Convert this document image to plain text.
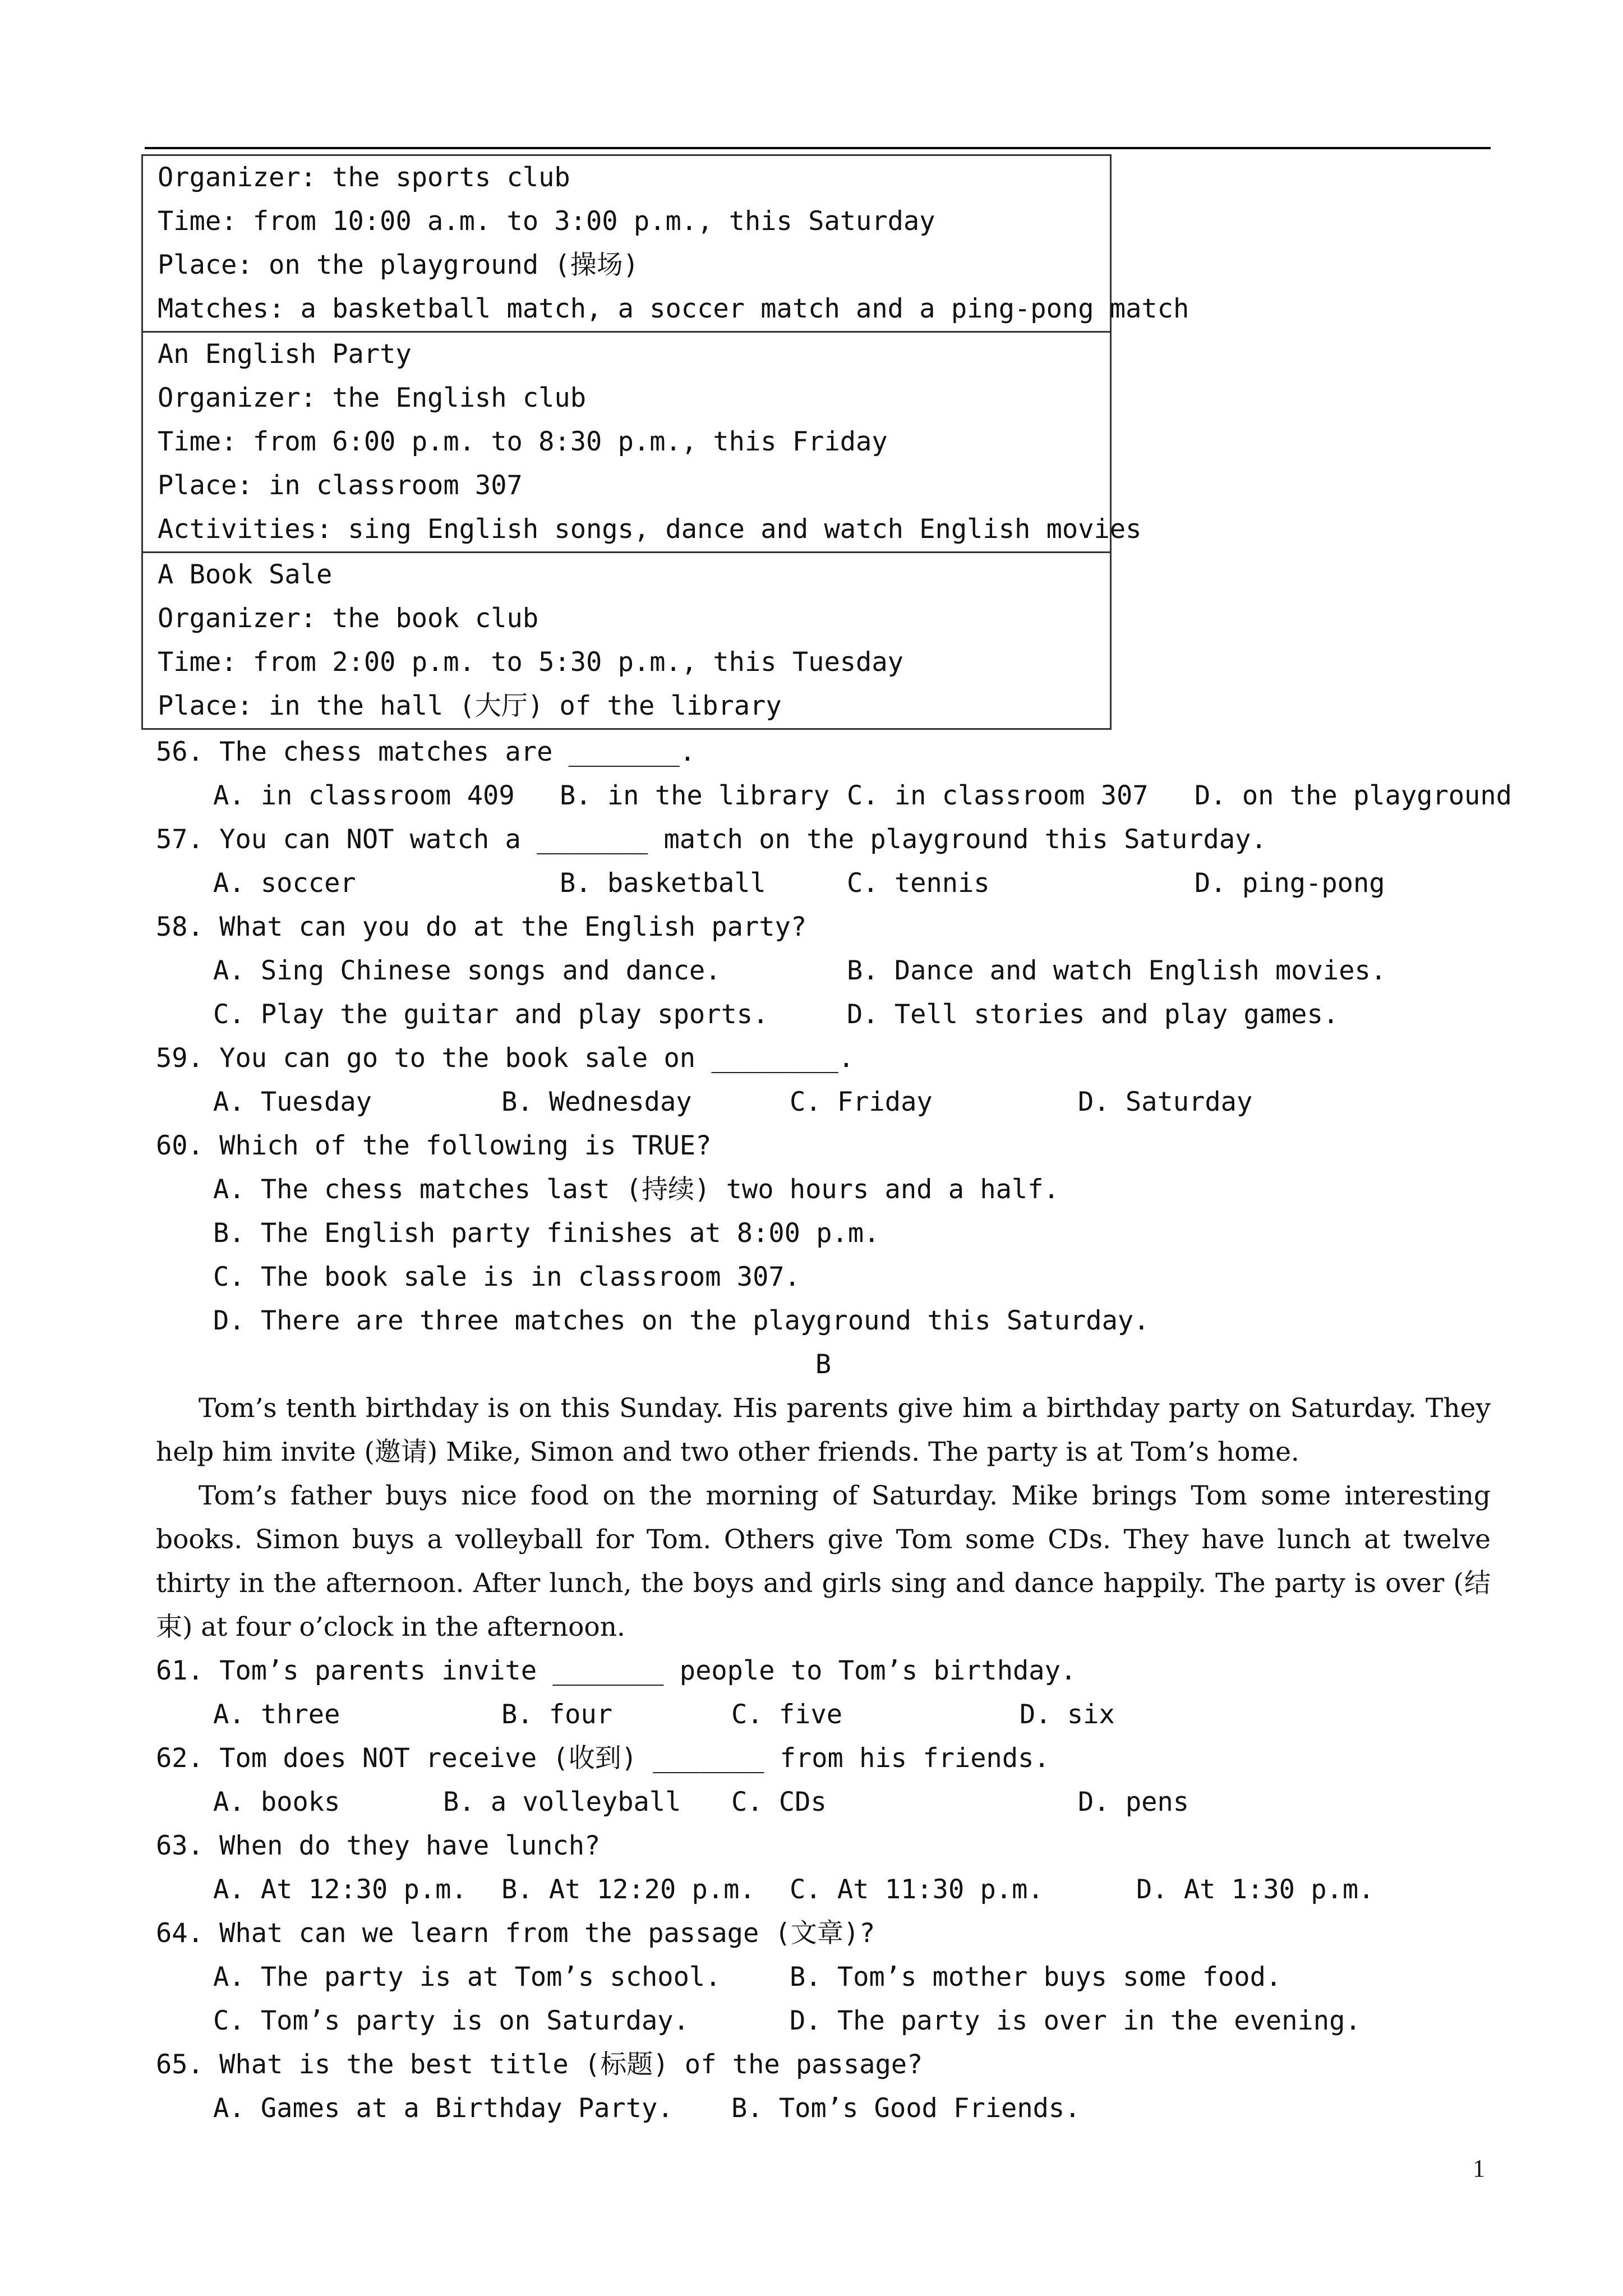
Organizer: the sports club
Time: from 10:00 a.m. to 3:00 p.m., this Saturday
Place: on the playground (操场)
Matches: a basketball match, a soccer match and a ping-pong match
An English Party
Organizer: the English club
Time: from 6:00 p.m. to 8:30 p.m., this Friday
Place: in classroom 307
Activities: sing English songs, dance and watch English movies
A Book Sale
Organizer: the book club
Time: from 2:00 p.m. to 5:30 p.m., this Tuesday
Place: in the hall (大厅) of the library
56. The chess matches are _______.
A. in classroom 409 B. in the library C. in classroom 307 D. on the playground
57. You can NOT watch a _______ match on the playground this Saturday.
A. soccer	B. basketball	C. tennis	D. ping-pong
58. What can you do at the English party?
A. Sing Chinese songs and dance.	B. Dance and watch English movies.
C. Play the guitar and play sports.	D. Tell stories and play games.
59. You can go to the book sale on ________.
A. Tuesday	B. Wednesday	C. Friday	D. Saturday
60. Which of the following is TRUE?
A. The chess matches last (持续) two hours and a half.
B. The English party finishes at 8:00 p.m.
C. The book sale is in classroom 307.
D. There are three matches on the playground this Saturday.
B

Tom’s tenth birthday is on this Sunday. His parents give him a birthday party on Saturday. They help him invite (邀请) Mike, Simon and two other friends. The party is at Tom’s home.

Tom’s father buys nice food on the morning of Saturday. Mike brings Tom some interesting books. Simon buys a volleyball for Tom. Others give Tom some CDs. They have lunch at twelve thirty in the afternoon. After lunch, the boys and girls sing and dance happily. The party is over (结束) at four o’clock in the afternoon.

61. Tom’s parents invite _______ people to Tom’s birthday.
A. three	B. four	C. five	D. six
62. Tom does NOT receive (收到) _______ from his friends.
A. books	B. a volleyball C. CDs	D. pens
63. When do they have lunch?
A. At 12:30 p.m. B. At 12:20 p.m. C. At 11:30 p.m.	D. At 1:30 p.m.
64. What can we learn from the passage (文章)?
A. The party is at Tom’s school.	B. Tom’s mother buys some food.
C. Tom’s party is on Saturday.	D. The party is over in the evening.
65. What is the best title (标题) of the passage?
A. Games at a Birthday Party. B. Tom’s Good Friends.
1
